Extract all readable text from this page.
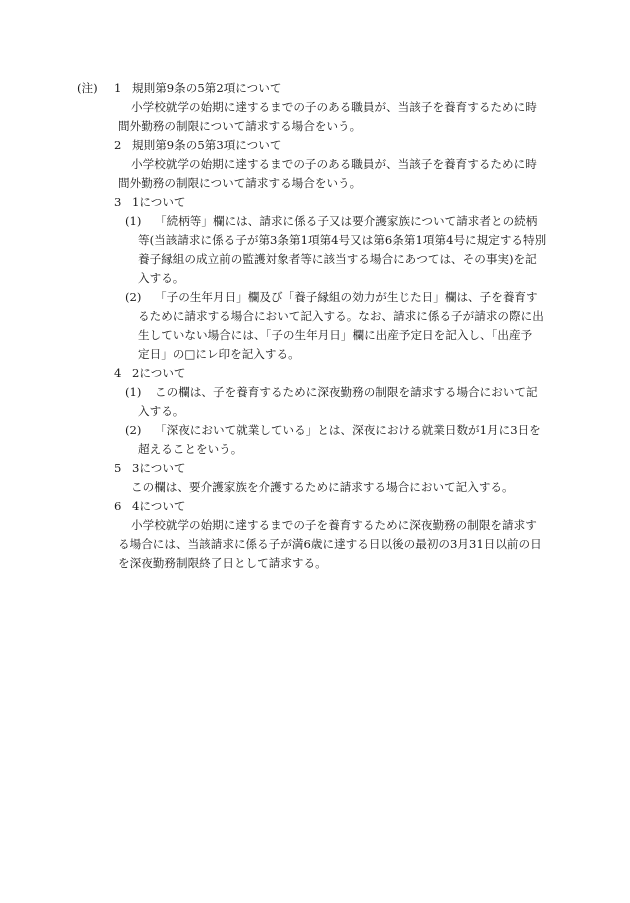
(注) 1 規則第9条の5第2項について
小学校就学の始期に達するまでの子のある職員が、当該子を養育するために時
間外勤務の制限について請求する場合をいう。
2 規則第9条の5第3項について
小学校就学の始期に達するまでの子のある職員が、当該子を養育するために時
間外勤務の制限について請求する場合をいう。
3 1について
(1) 「続柄等」欄には、請求に係る子又は要介護家族について請求者との続柄
等(当該請求に係る子が第3条第1項第4号又は第6条第1項第4号に規定する特別
養子縁組の成立前の監護対象者等に該当する場合にあつては、その事実)を記
入する。
(2) 「子の生年月日」欄及び「養子縁組の効力が生じた日」欄は、子を養育す
るために請求する場合において記入する。なお、請求に係る子が請求の際に出
生していない場合には、「子の生年月日」欄に出産予定日を記入し、「出産予
定日」の□にレ印を記入する。
4 2について
(1) この欄は、子を養育するために深夜勤務の制限を請求する場合において記
入する。
(2) 「深夜において就業している」とは、深夜における就業日数が1月に3日を
超えることをいう。
5 3について
この欄は、要介護家族を介護するために請求する場合において記入する。
6 4について
小学校就学の始期に達するまでの子を養育するために深夜勤務の制限を請求す
る場合には、当該請求に係る子が満6歳に達する日以後の最初の3月31日以前の日
を深夜勤務制限終了日として請求する。
